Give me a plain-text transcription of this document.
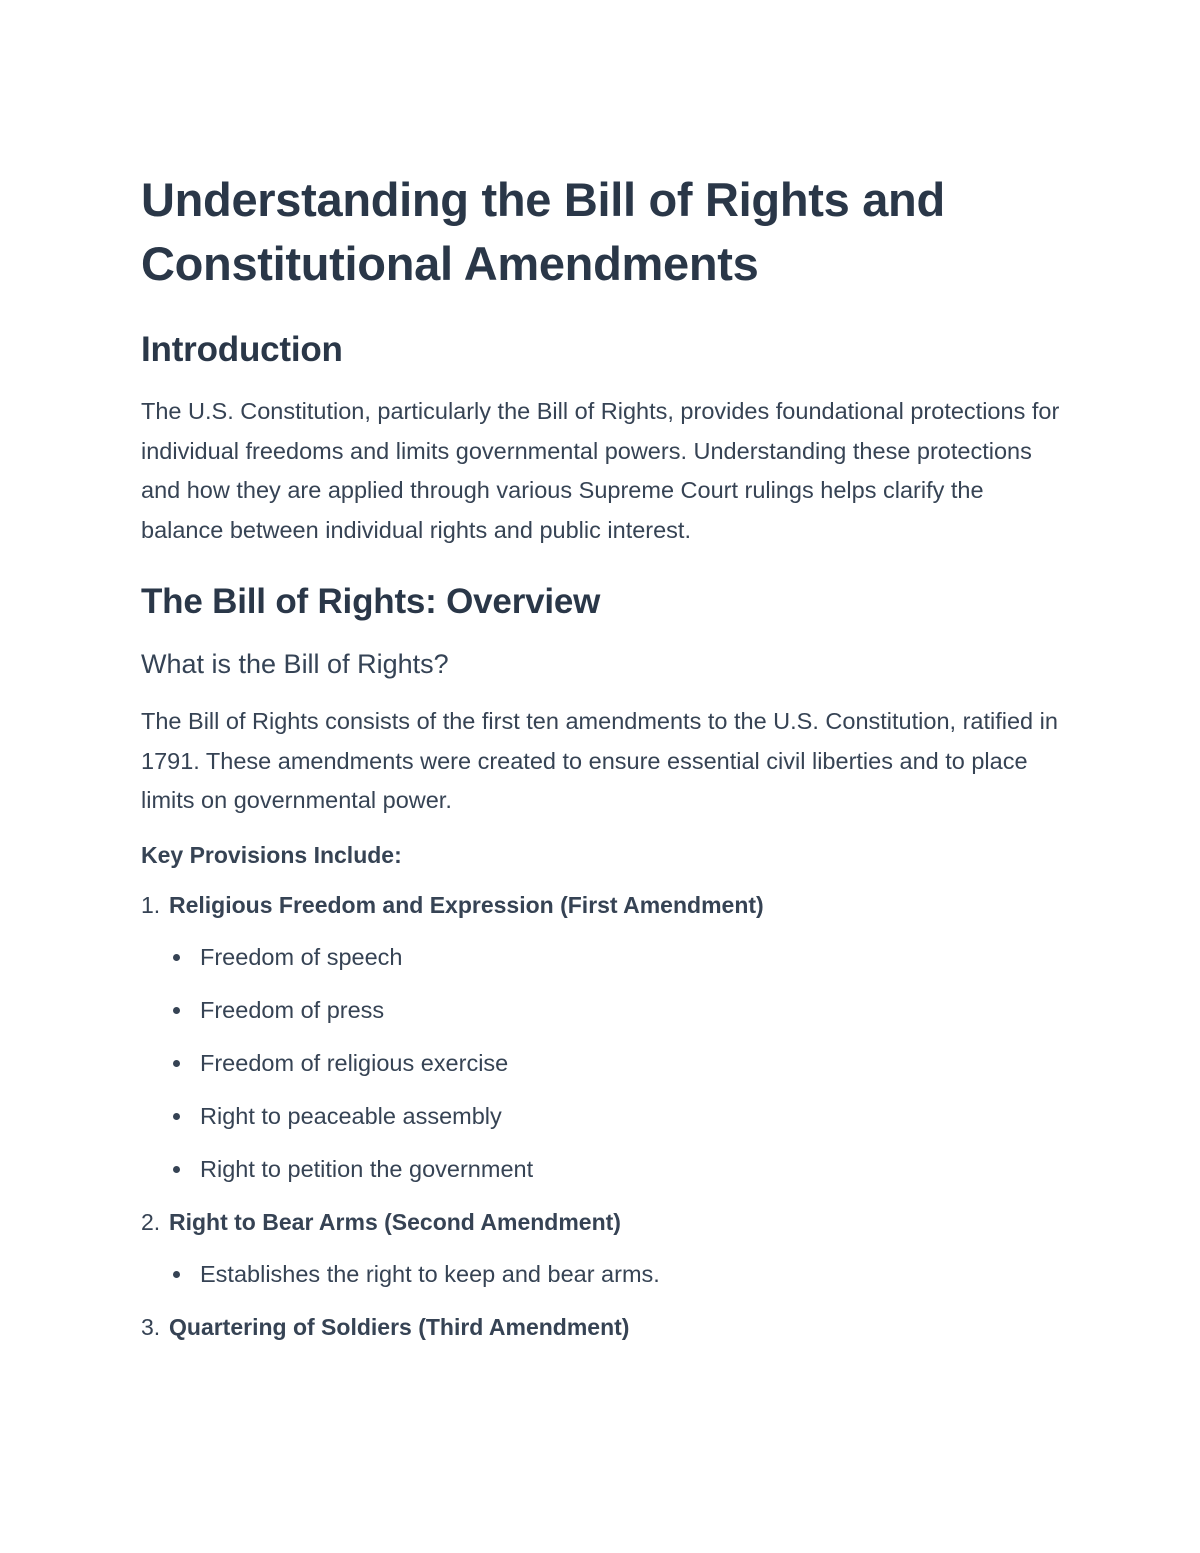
Understanding the Bill of Rights and Constitutional Amendments
Introduction

The U.S. Constitution, particularly the Bill of Rights, provides foundational protections for individual freedoms and limits governmental powers. Understanding these protections and how they are applied through various Supreme Court rulings helps clarify the balance between individual rights and public interest.

The Bill of Rights: Overview
What is the Bill of Rights?

The Bill of Rights consists of the first ten amendments to the U.S. Constitution, ratified in 1791. These amendments were created to ensure essential civil liberties and to place limits on governmental power.

Key Provisions Include:

1. Religious Freedom and Expression (First Amendment)
Freedom of speech
Freedom of press
Freedom of religious exercise
Right to peaceable assembly
Right to petition the government
2. Right to Bear Arms (Second Amendment)
Establishes the right to keep and bear arms.
3. Quartering of Soldiers (Third Amendment)
